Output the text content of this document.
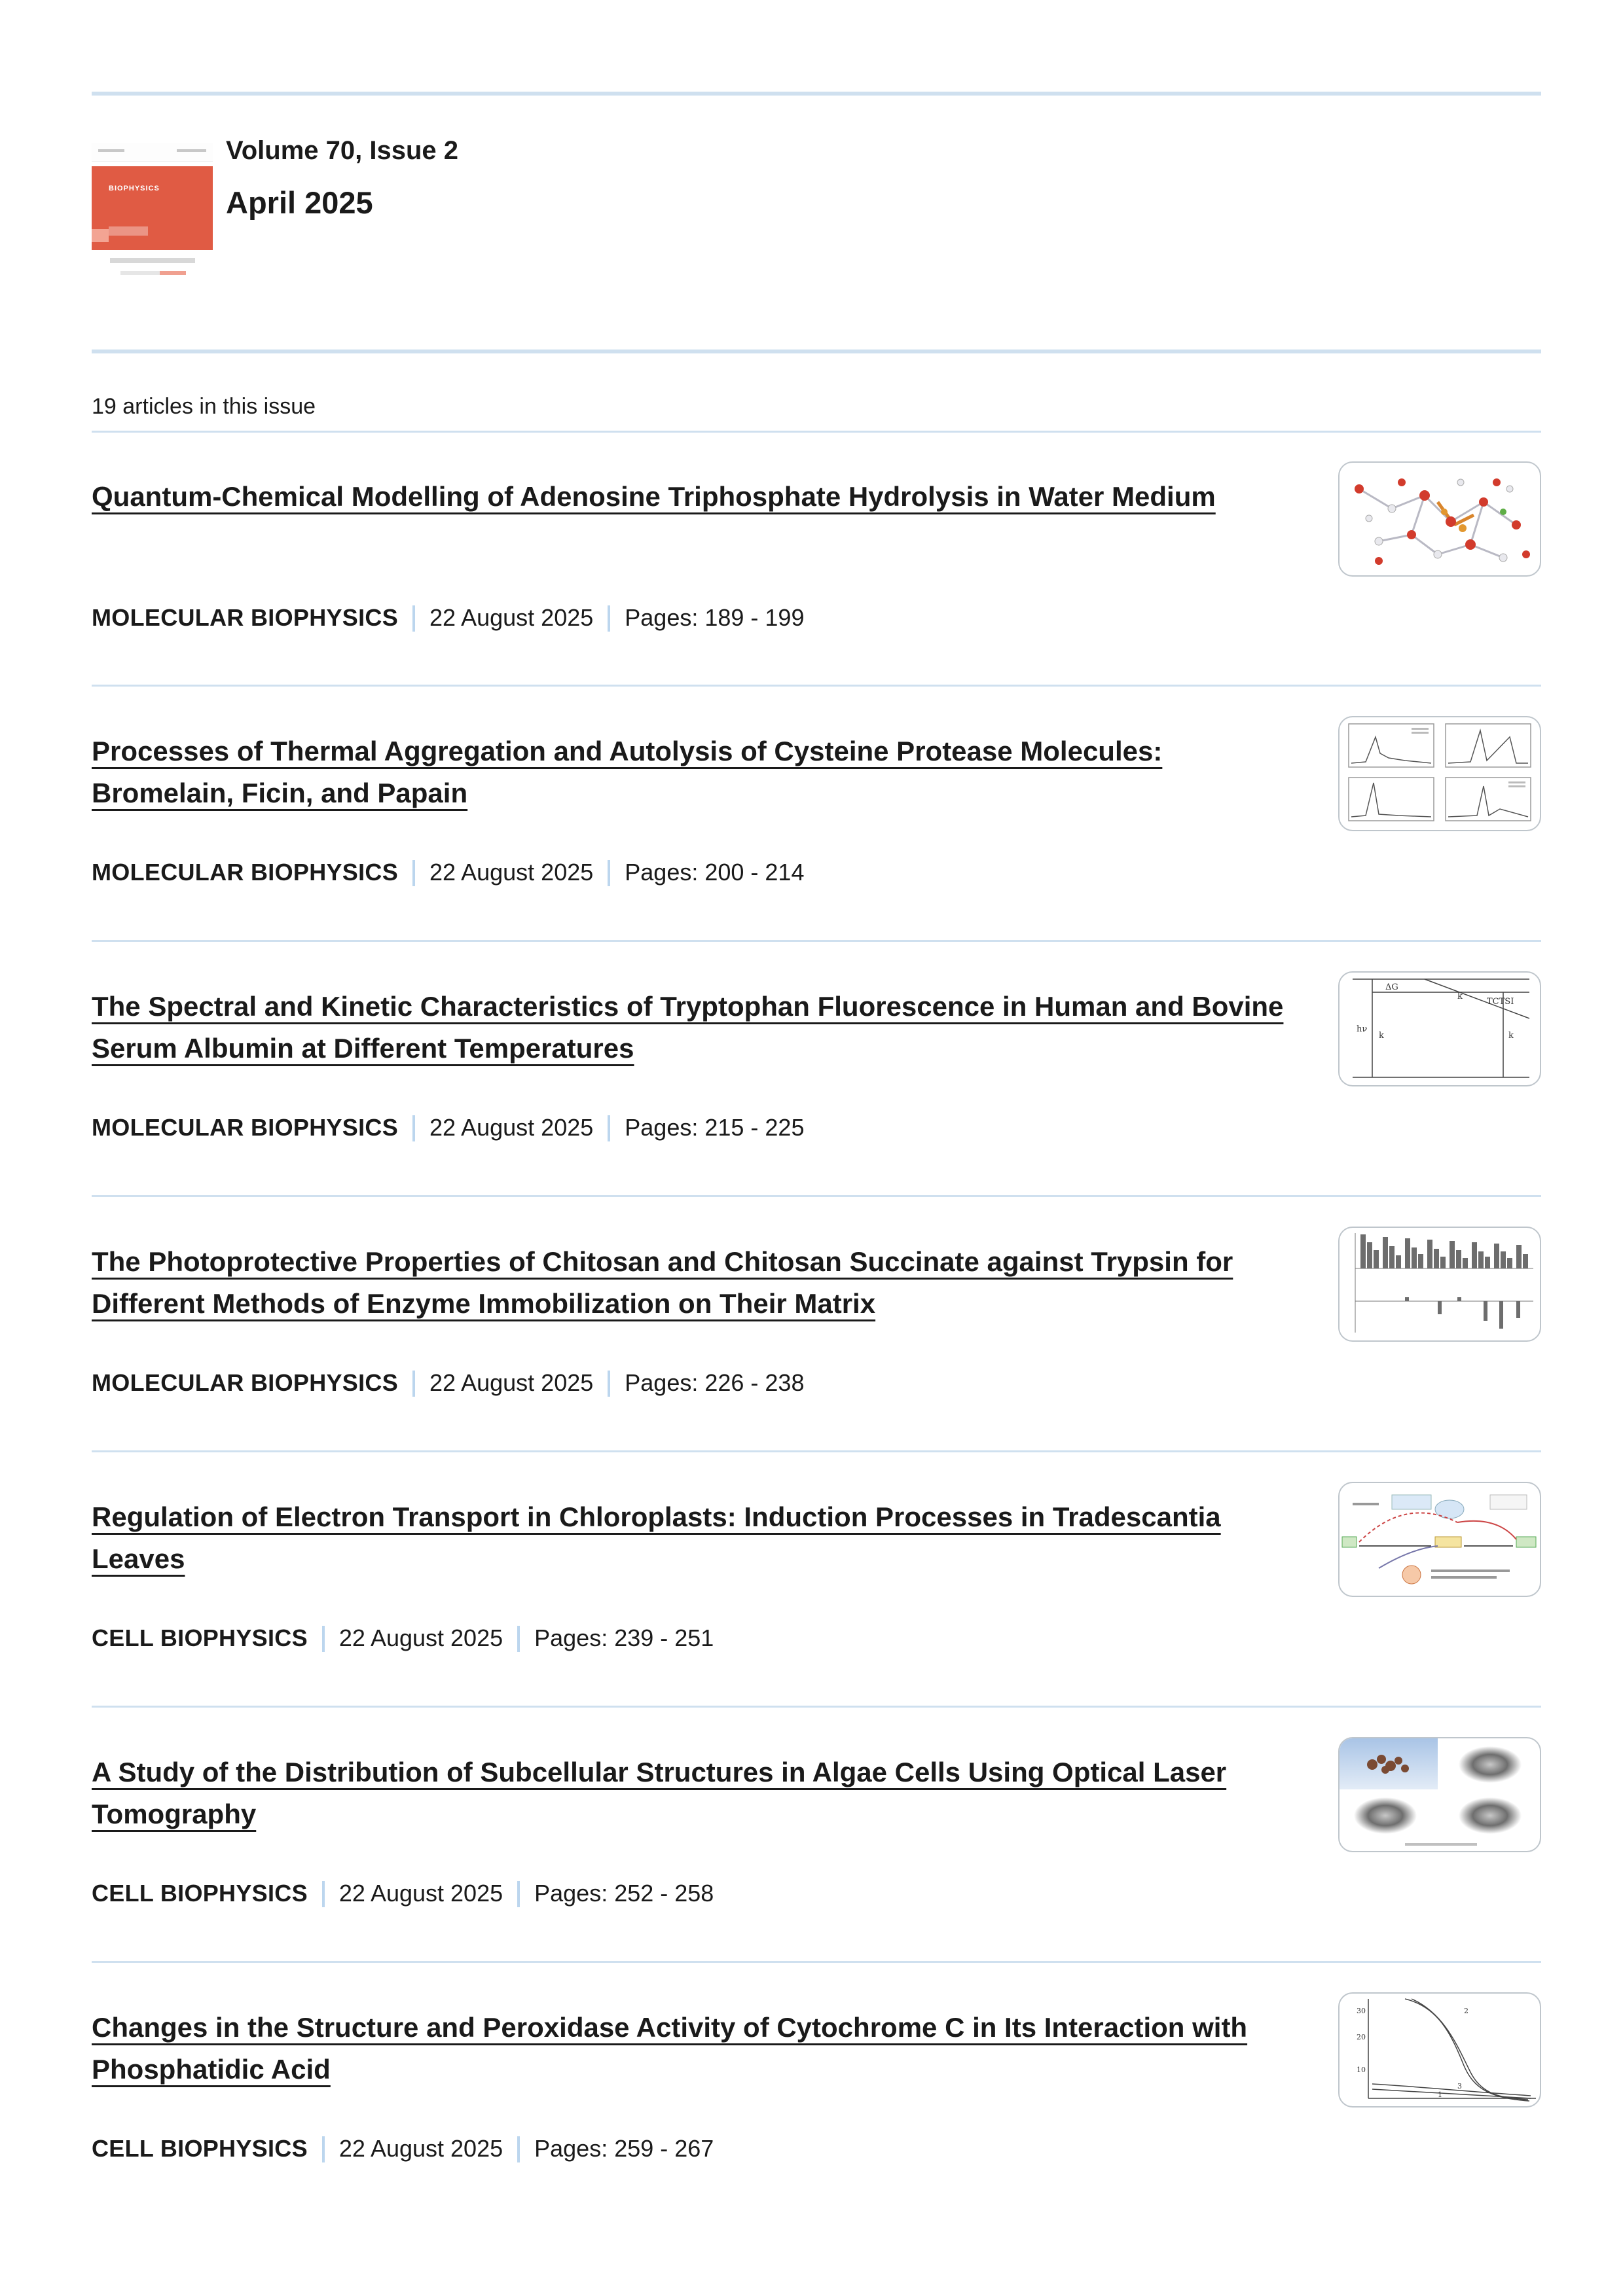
BIOPHYSICS
Volume 70, Issue 2
April 2025
19 articles in this issue
Quantum-Chemical Modelling of Adenosine Triphosphate Hydrolysis in Water Medium
MOLECULAR BIOPHYSICS 22 August 2025 Pages: 189 - 199
Processes of Thermal Aggregation and Autolysis of Cysteine Protease Molecules: Bromelain, Ficin, and Papain
MOLECULAR BIOPHYSICS 22 August 2025 Pages: 200 - 214
The Spectral and Kinetic Characteristics of Tryptophan Fluorescence in Human and Bovine Serum Albumin at Different Temperatures
MOLECULAR BIOPHYSICS 22 August 2025 Pages: 215 - 225
ΔG
hν
k	k
k
TCTSI
The Photoprotective Properties of Chitosan and Chitosan Succinate against Trypsin for Different Methods of Enzyme Immobilization on Their Matrix
MOLECULAR BIOPHYSICS 22 August 2025 Pages: 226 - 238
Regulation of Electron Transport in Chloroplasts: Induction Processes in Tradescantia Leaves
CELL BIOPHYSICS 22 August 2025 Pages: 239 - 251
A Study of the Distribution of Subcellular Structures in Algae Cells Using Optical Laser Tomography
CELL BIOPHYSICS 22 August 2025 Pages: 252 - 258
Changes in the Structure and Peroxidase Activity of Cytochrome C in Its Interaction with Phosphatidic Acid
CELL BIOPHYSICS 22 August 2025 Pages: 259 - 267
2
3
1
30
20
10
